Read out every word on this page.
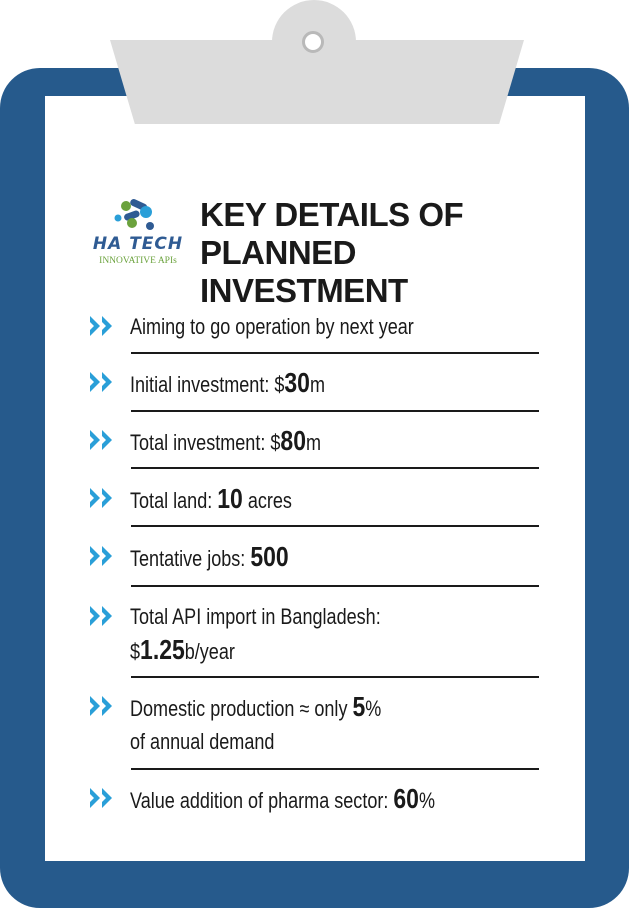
HA TECH
INNOVATIVE APIs
KEY DETAILS OF
PLANNED INVESTMENT
Aiming to go operation by next year
Initial investment: $30m
Total investment: $80m
Total land: 10 acres
Tentative jobs: 500
Total API import in Bangladesh:
$1.25b/year
Domestic production ≈ only 5%
of annual demand
Value addition of pharma sector: 60%
